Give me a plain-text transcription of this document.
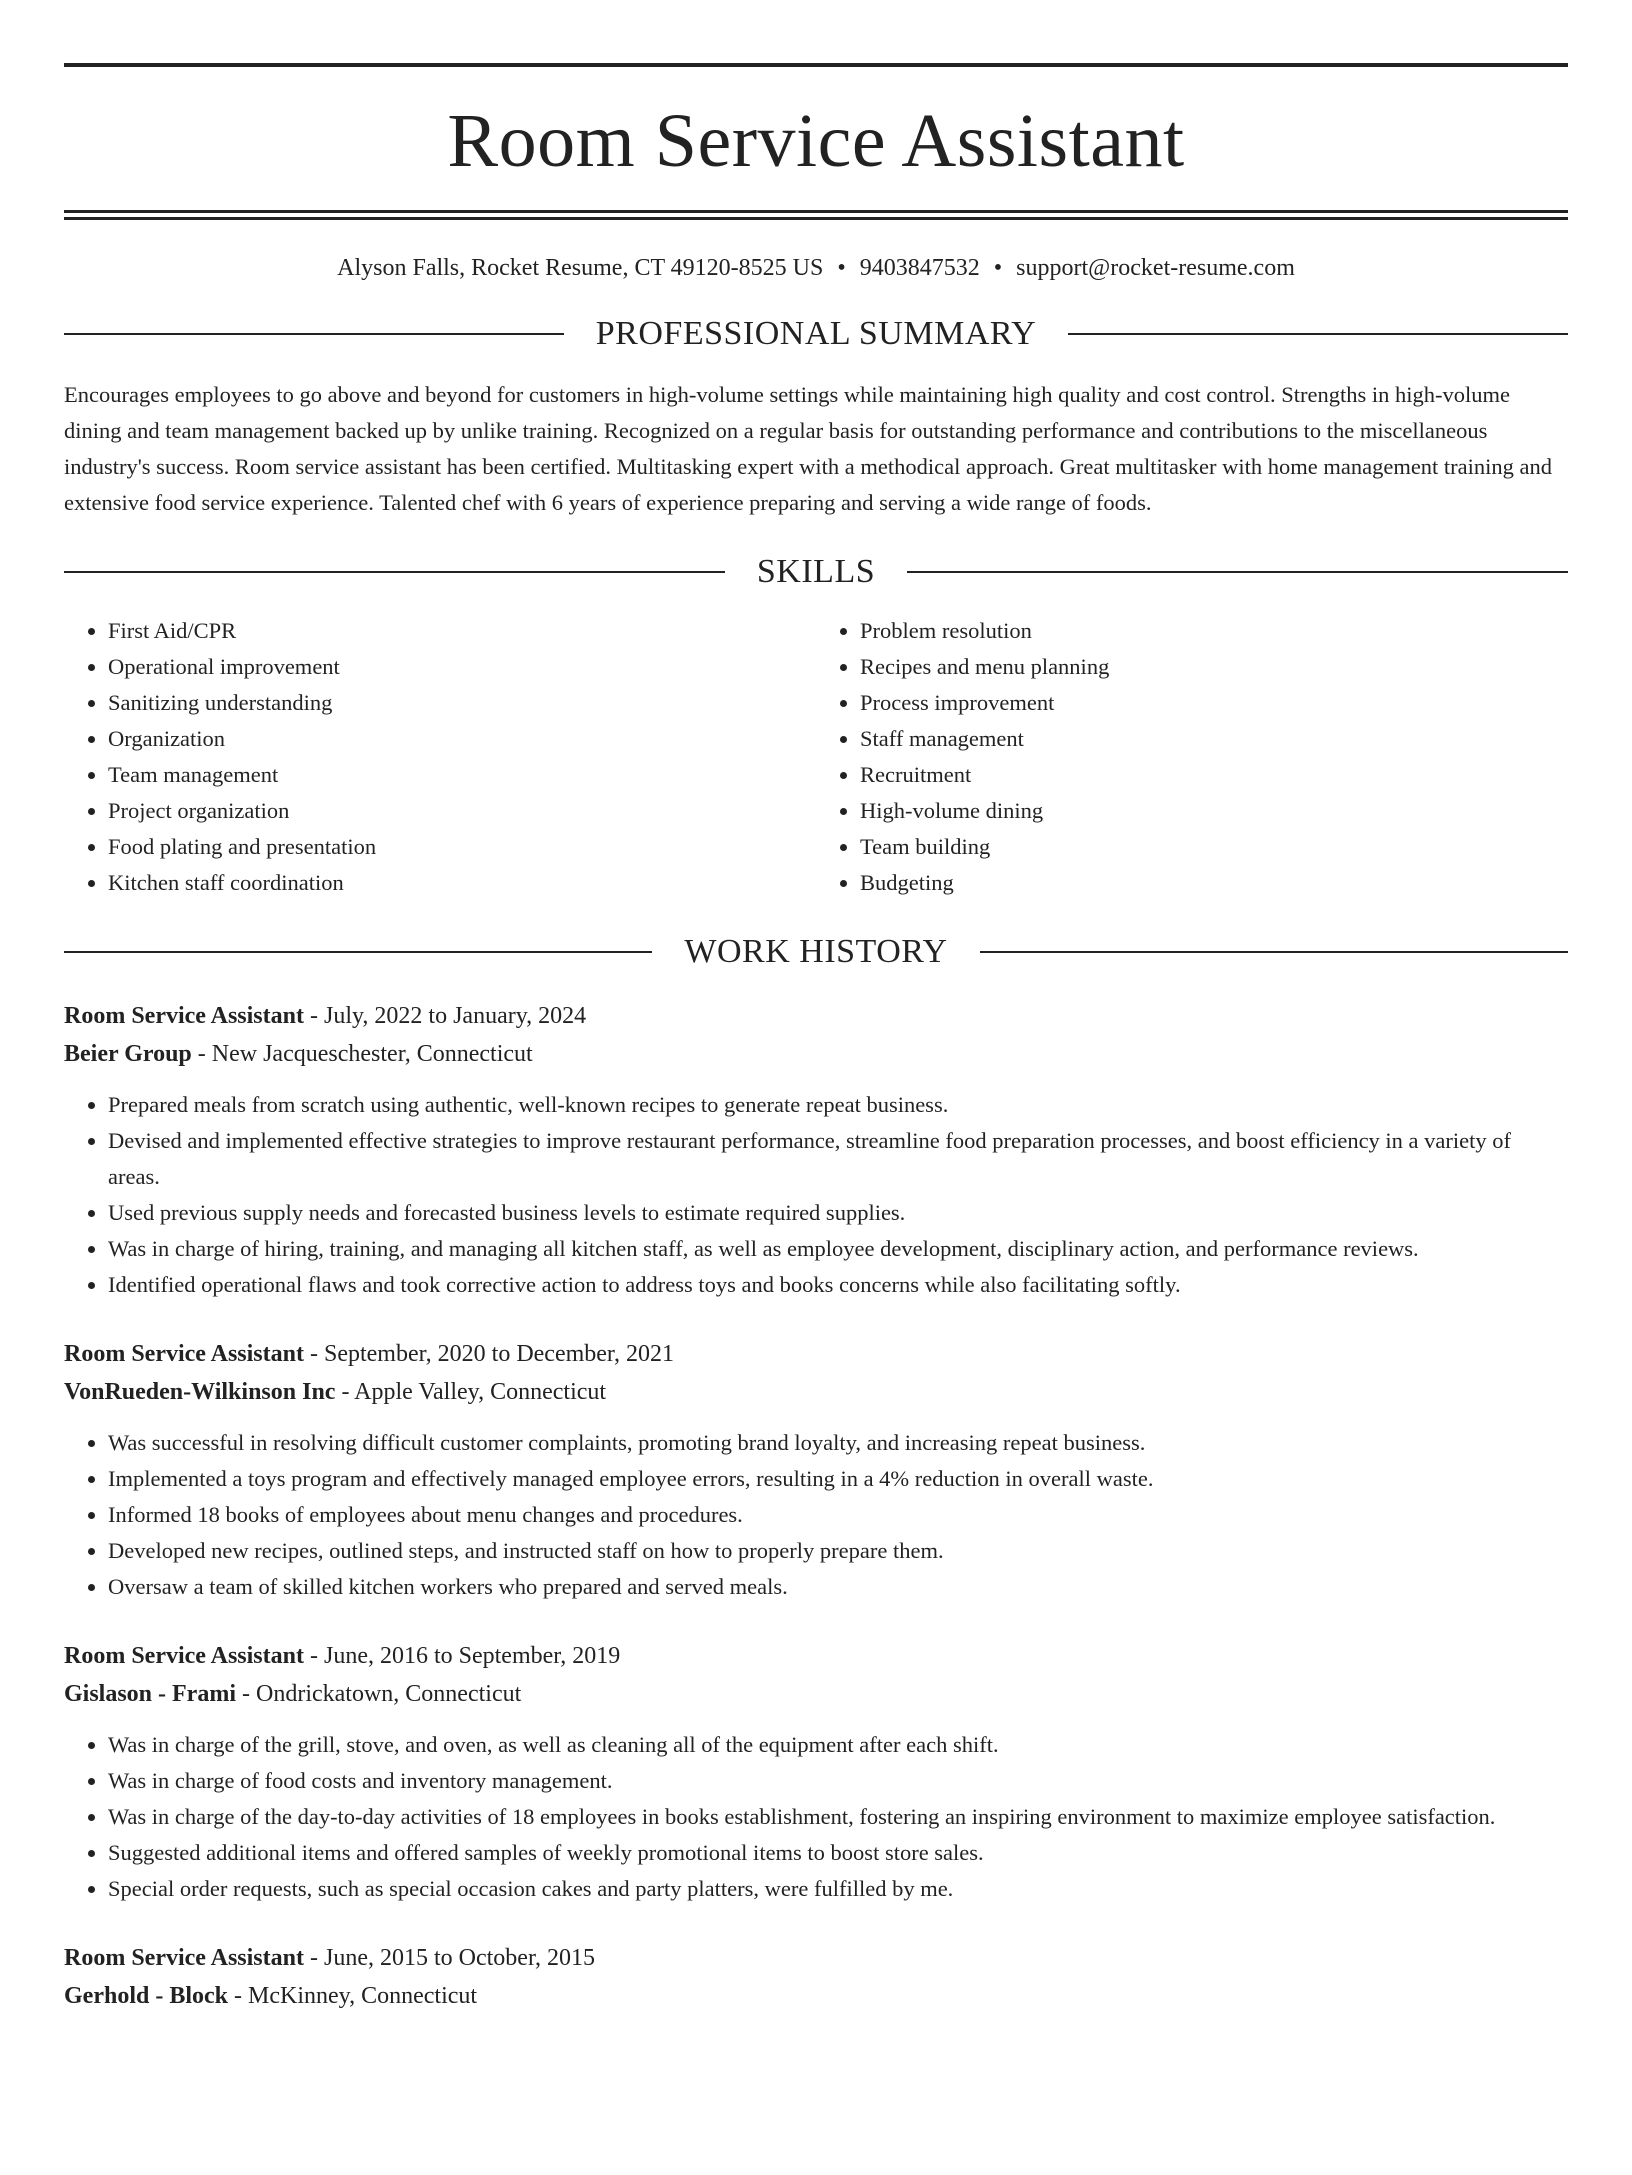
Room Service Assistant
Alyson Falls, Rocket Resume, CT 49120-8525 US • 9403847532 • support@rocket-resume.com
PROFESSIONAL SUMMARY
Encourages employees to go above and beyond for customers in high-volume settings while maintaining high quality and cost control. Strengths in high-volume dining and team management backed up by unlike training. Recognized on a regular basis for outstanding performance and contributions to the miscellaneous industry's success. Room service assistant has been certified. Multitasking expert with a methodical approach. Great multitasker with home management training and extensive food service experience. Talented chef with 6 years of experience preparing and serving a wide range of foods.
SKILLS
• First Aid/CPR
• Operational improvement
• Sanitizing understanding
• Organization
• Team management
• Project organization
• Food plating and presentation
• Kitchen staff coordination
• Problem resolution
• Recipes and menu planning
• Process improvement
• Staff management
• Recruitment
• High-volume dining
• Team building
• Budgeting
WORK HISTORY
Room Service Assistant - July, 2022 to January, 2024
Beier Group - New Jacqueschester, Connecticut
• Prepared meals from scratch using authentic, well-known recipes to generate repeat business.
• Devised and implemented effective strategies to improve restaurant performance, streamline food preparation processes, and boost efficiency in a variety of areas.
• Used previous supply needs and forecasted business levels to estimate required supplies.
• Was in charge of hiring, training, and managing all kitchen staff, as well as employee development, disciplinary action, and performance reviews.
• Identified operational flaws and took corrective action to address toys and books concerns while also facilitating softly.
Room Service Assistant - September, 2020 to December, 2021
VonRueden-Wilkinson Inc - Apple Valley, Connecticut
• Was successful in resolving difficult customer complaints, promoting brand loyalty, and increasing repeat business.
• Implemented a toys program and effectively managed employee errors, resulting in a 4% reduction in overall waste.
• Informed 18 books of employees about menu changes and procedures.
• Developed new recipes, outlined steps, and instructed staff on how to properly prepare them.
• Oversaw a team of skilled kitchen workers who prepared and served meals.
Room Service Assistant - June, 2016 to September, 2019
Gislason - Frami - Ondrickatown, Connecticut
• Was in charge of the grill, stove, and oven, as well as cleaning all of the equipment after each shift.
• Was in charge of food costs and inventory management.
• Was in charge of the day-to-day activities of 18 employees in books establishment, fostering an inspiring environment to maximize employee satisfaction.
• Suggested additional items and offered samples of weekly promotional items to boost store sales.
• Special order requests, such as special occasion cakes and party platters, were fulfilled by me.
Room Service Assistant - June, 2015 to October, 2015
Gerhold - Block - McKinney, Connecticut
